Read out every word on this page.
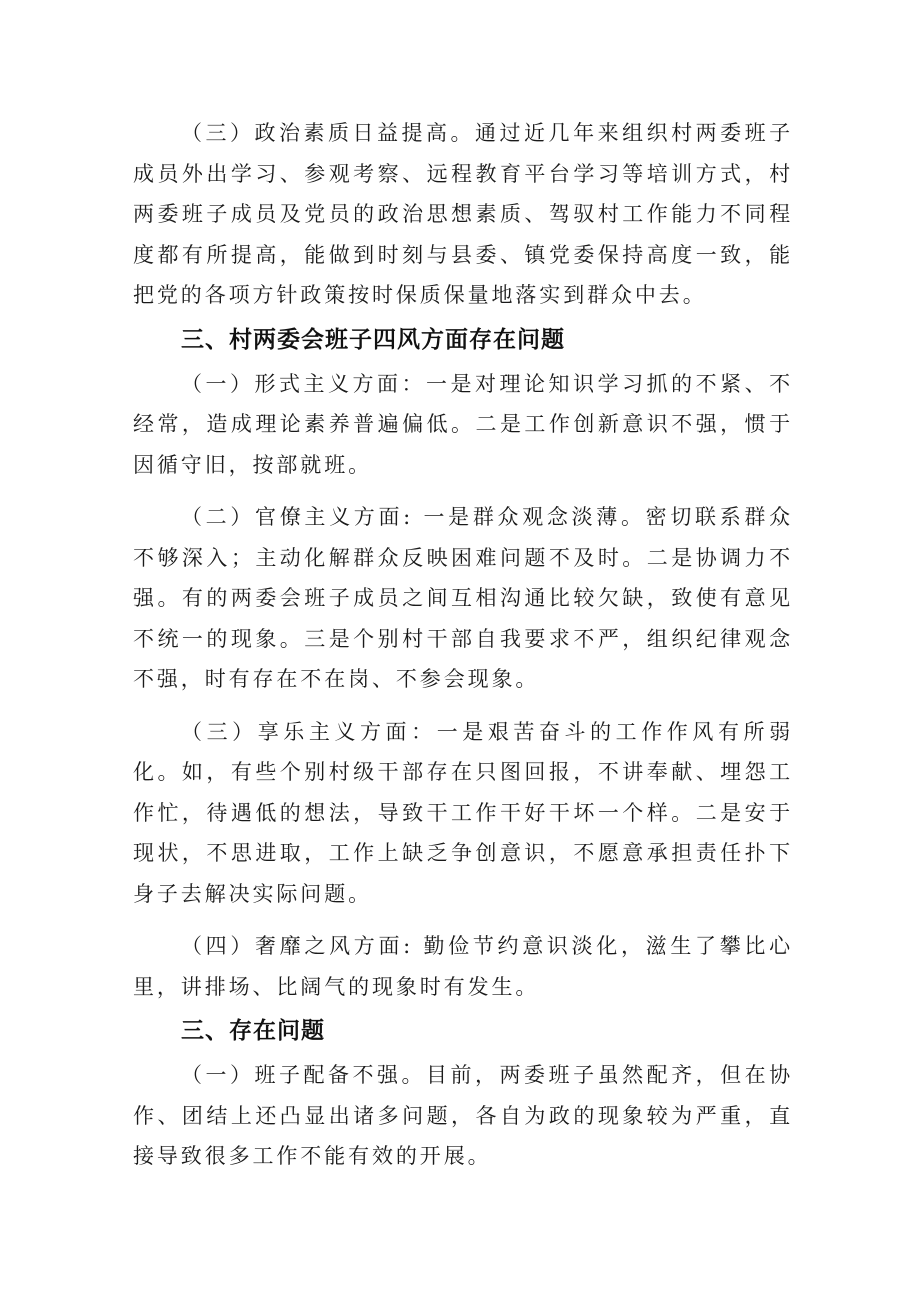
（三）政治素质日益提高。通过近几年来组织村两委班子成员外出学习、参观考察、远程教育平台学习等培训方式，村两委班子成员及党员的政治思想素质、驾驭村工作能力不同程度都有所提高，能做到时刻与县委、镇党委保持高度一致，能把党的各项方针政策按时保质保量地落实到群众中去。

三、村两委会班子四风方面存在问题

（一）形式主义方面：一是对理论知识学习抓的不紧、不经常，造成理论素养普遍偏低。二是工作创新意识不强，惯于因循守旧，按部就班。

（二）官僚主义方面: 一是群众观念淡薄。密切联系群众不够深入；主动化解群众反映困难问题不及时。二是协调力不强。有的两委会班子成员之间互相沟通比较欠缺，致使有意见不统一的现象。三是个别村干部自我要求不严，组织纪律观念不强，时有存在不在岗、不参会现象。

（三）享乐主义方面：一是艰苦奋斗的工作作风有所弱化。如，有些个别村级干部存在只图回报，不讲奉献、埋怨工作忙，待遇低的想法，导致干工作干好干坏一个样。二是安于现状，不思进取，工作上缺乏争创意识，不愿意承担责任扑下身子去解决实际问题。

（四）奢靡之风方面: 勤俭节约意识淡化，滋生了攀比心里，讲排场、比阔气的现象时有发生。

三、存在问题

（一）班子配备不强。目前，两委班子虽然配齐，但在协作、团结上还凸显出诸多问题，各自为政的现象较为严重，直接导致很多工作不能有效的开展。
